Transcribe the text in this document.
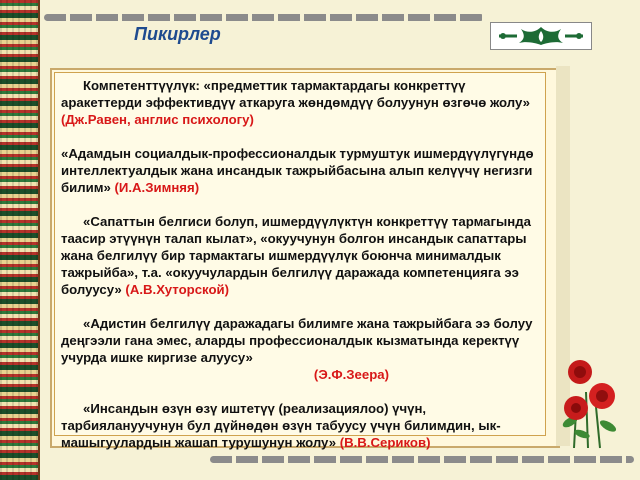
Пикирлер

Компетенттүүлүк: «предметтик тармактардагы конкреттүү аракеттерди эффективдүү аткаруга жөндөмдүү болуунун өзгөчө жолу» (Дж.Равен, англис психологу)

«Адамдын социалдык-профессионалдык турмуштук ишмердүүлүгүндө интеллектуалдык жана инсандык тажрыйбасына алып келүүчү негизги билим» (И.А.Зимняя)

«Сапаттын белгиси болуп, ишмердүүлүктүн конкреттүү тармагында таасир этүүнүн талап кылат», «окуучунун болгон инсандык сапаттары жана белгилүү бир тармактагы ишмердүүлүк боюнча минималдык тажрыйба», т.а. «окуучулардын белгилүү даражада компетенцияга ээ болуусу» (А.В.Хуторской)

«Адистин белгилүү даражадагы билимге жана тажрыйбага ээ болуу деңгээли гана эмес, аларды профессионалдык кызматында керектүү учурда ишке киргизе алуусу»

(Э.Ф.Зеера)

«Инсандын өзүн өзү иштетүү (реализациялоо) үчүн, тарбиялануучунун бул дүйнөдөн өзүн табуусу үчүн билимдин, ык-машыгуулардын жашап турушунун жолу» (В.В.Сериков)
